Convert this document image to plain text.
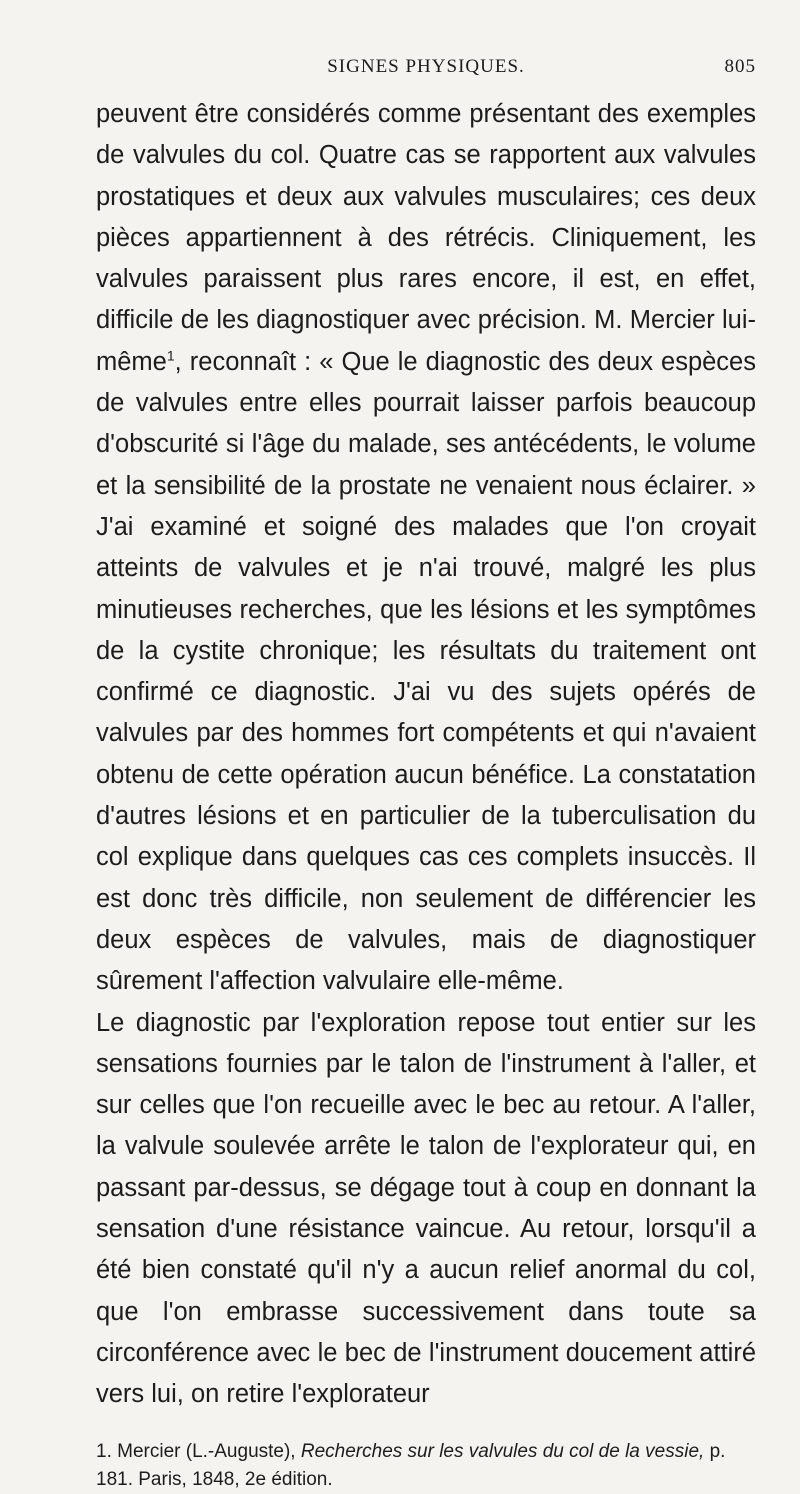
SIGNES PHYSIQUES.	805

peuvent être considérés comme présentant des exemples de valvules du col. Quatre cas se rapportent aux valvules prostatiques et deux aux valvules musculaires; ces deux pièces appartiennent à des rétrécis. Cliniquement, les valvules paraissent plus rares encore, il est, en effet, difficile de les diagnostiquer avec précision. M. Mercier lui-même$^1$, reconnaît : « Que le diagnostic des deux espèces de valvules entre elles pourrait laisser parfois beaucoup d'obscurité si l'âge du malade, ses antécédents, le volume et la sensibilité de la prostate ne venaient nous éclairer. » J'ai examiné et soigné des malades que l'on croyait atteints de valvules et je n'ai trouvé, malgré les plus minutieuses recherches, que les lésions et les symptômes de la cystite chronique; les résultats du traitement ont confirmé ce diagnostic. J'ai vu des sujets opérés de valvules par des hommes fort compétents et qui n'avaient obtenu de cette opération aucun bénéfice. La constatation d'autres lésions et en particulier de la tuberculisation du col explique dans quelques cas ces complets insuccès. Il est donc très difficile, non seulement de différencier les deux espèces de valvules, mais de diagnostiquer sûrement l'affection valvulaire elle-même.

Le diagnostic par l'exploration repose tout entier sur les sensations fournies par le talon de l'instrument à l'aller, et sur celles que l'on recueille avec le bec au retour. A l'aller, la valvule soulevée arrête le talon de l'explorateur qui, en passant par-dessus, se dégage tout à coup en donnant la sensation d'une résistance vaincue. Au retour, lorsqu'il a été bien constaté qu'il n'y a aucun relief anormal du col, que l'on embrasse successivement dans toute sa circonférence avec le bec de l'instrument doucement attiré vers lui, on retire l'explorateur

1. Mercier (L.-Auguste), Recherches sur les valvules du col de la vessie, p. 181. Paris, 1848, 2e édition.
